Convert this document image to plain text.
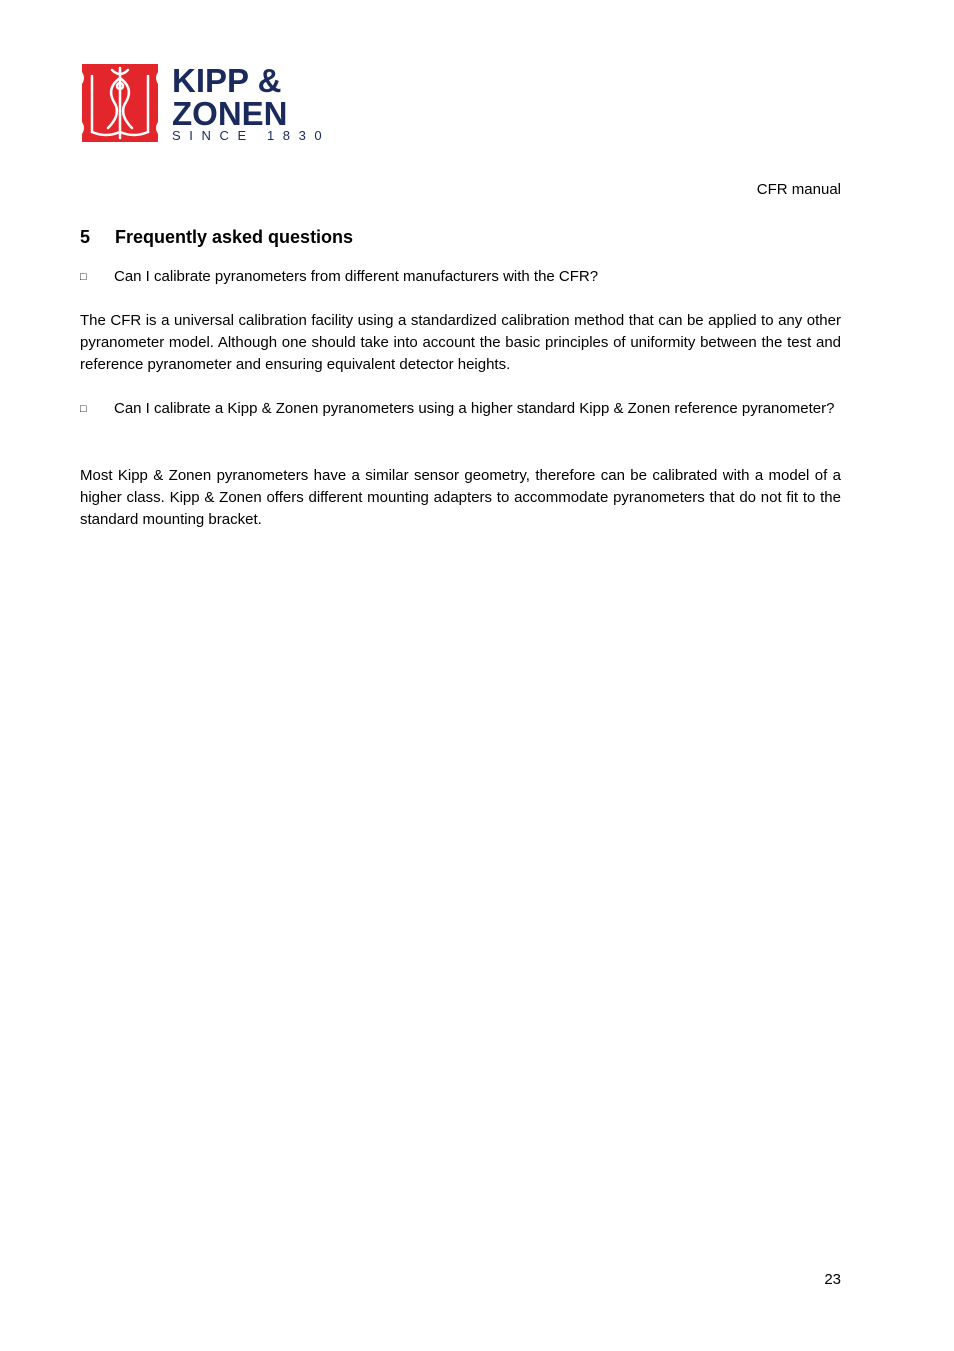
KIPP &
ZONEN
SINCE 1830
CFR manual
5 Frequently asked questions
□	Can I calibrate pyranometers from different manufacturers with the CFR?
The CFR is a universal calibration facility using a standardized calibration method that can be applied to any other pyranometer model. Although one should take into account the basic principles of uniformity between the test and reference pyranometer and ensuring equivalent detector heights.
□	Can I calibrate a Kipp & Zonen pyranometers using a higher standard Kipp & Zonen reference pyranometer?
Most Kipp & Zonen pyranometers have a similar sensor geometry, therefore can be calibrated with a model of a higher class. Kipp & Zonen offers different mounting adapters to accommodate pyranometers that do not fit to the standard mounting bracket.
23
